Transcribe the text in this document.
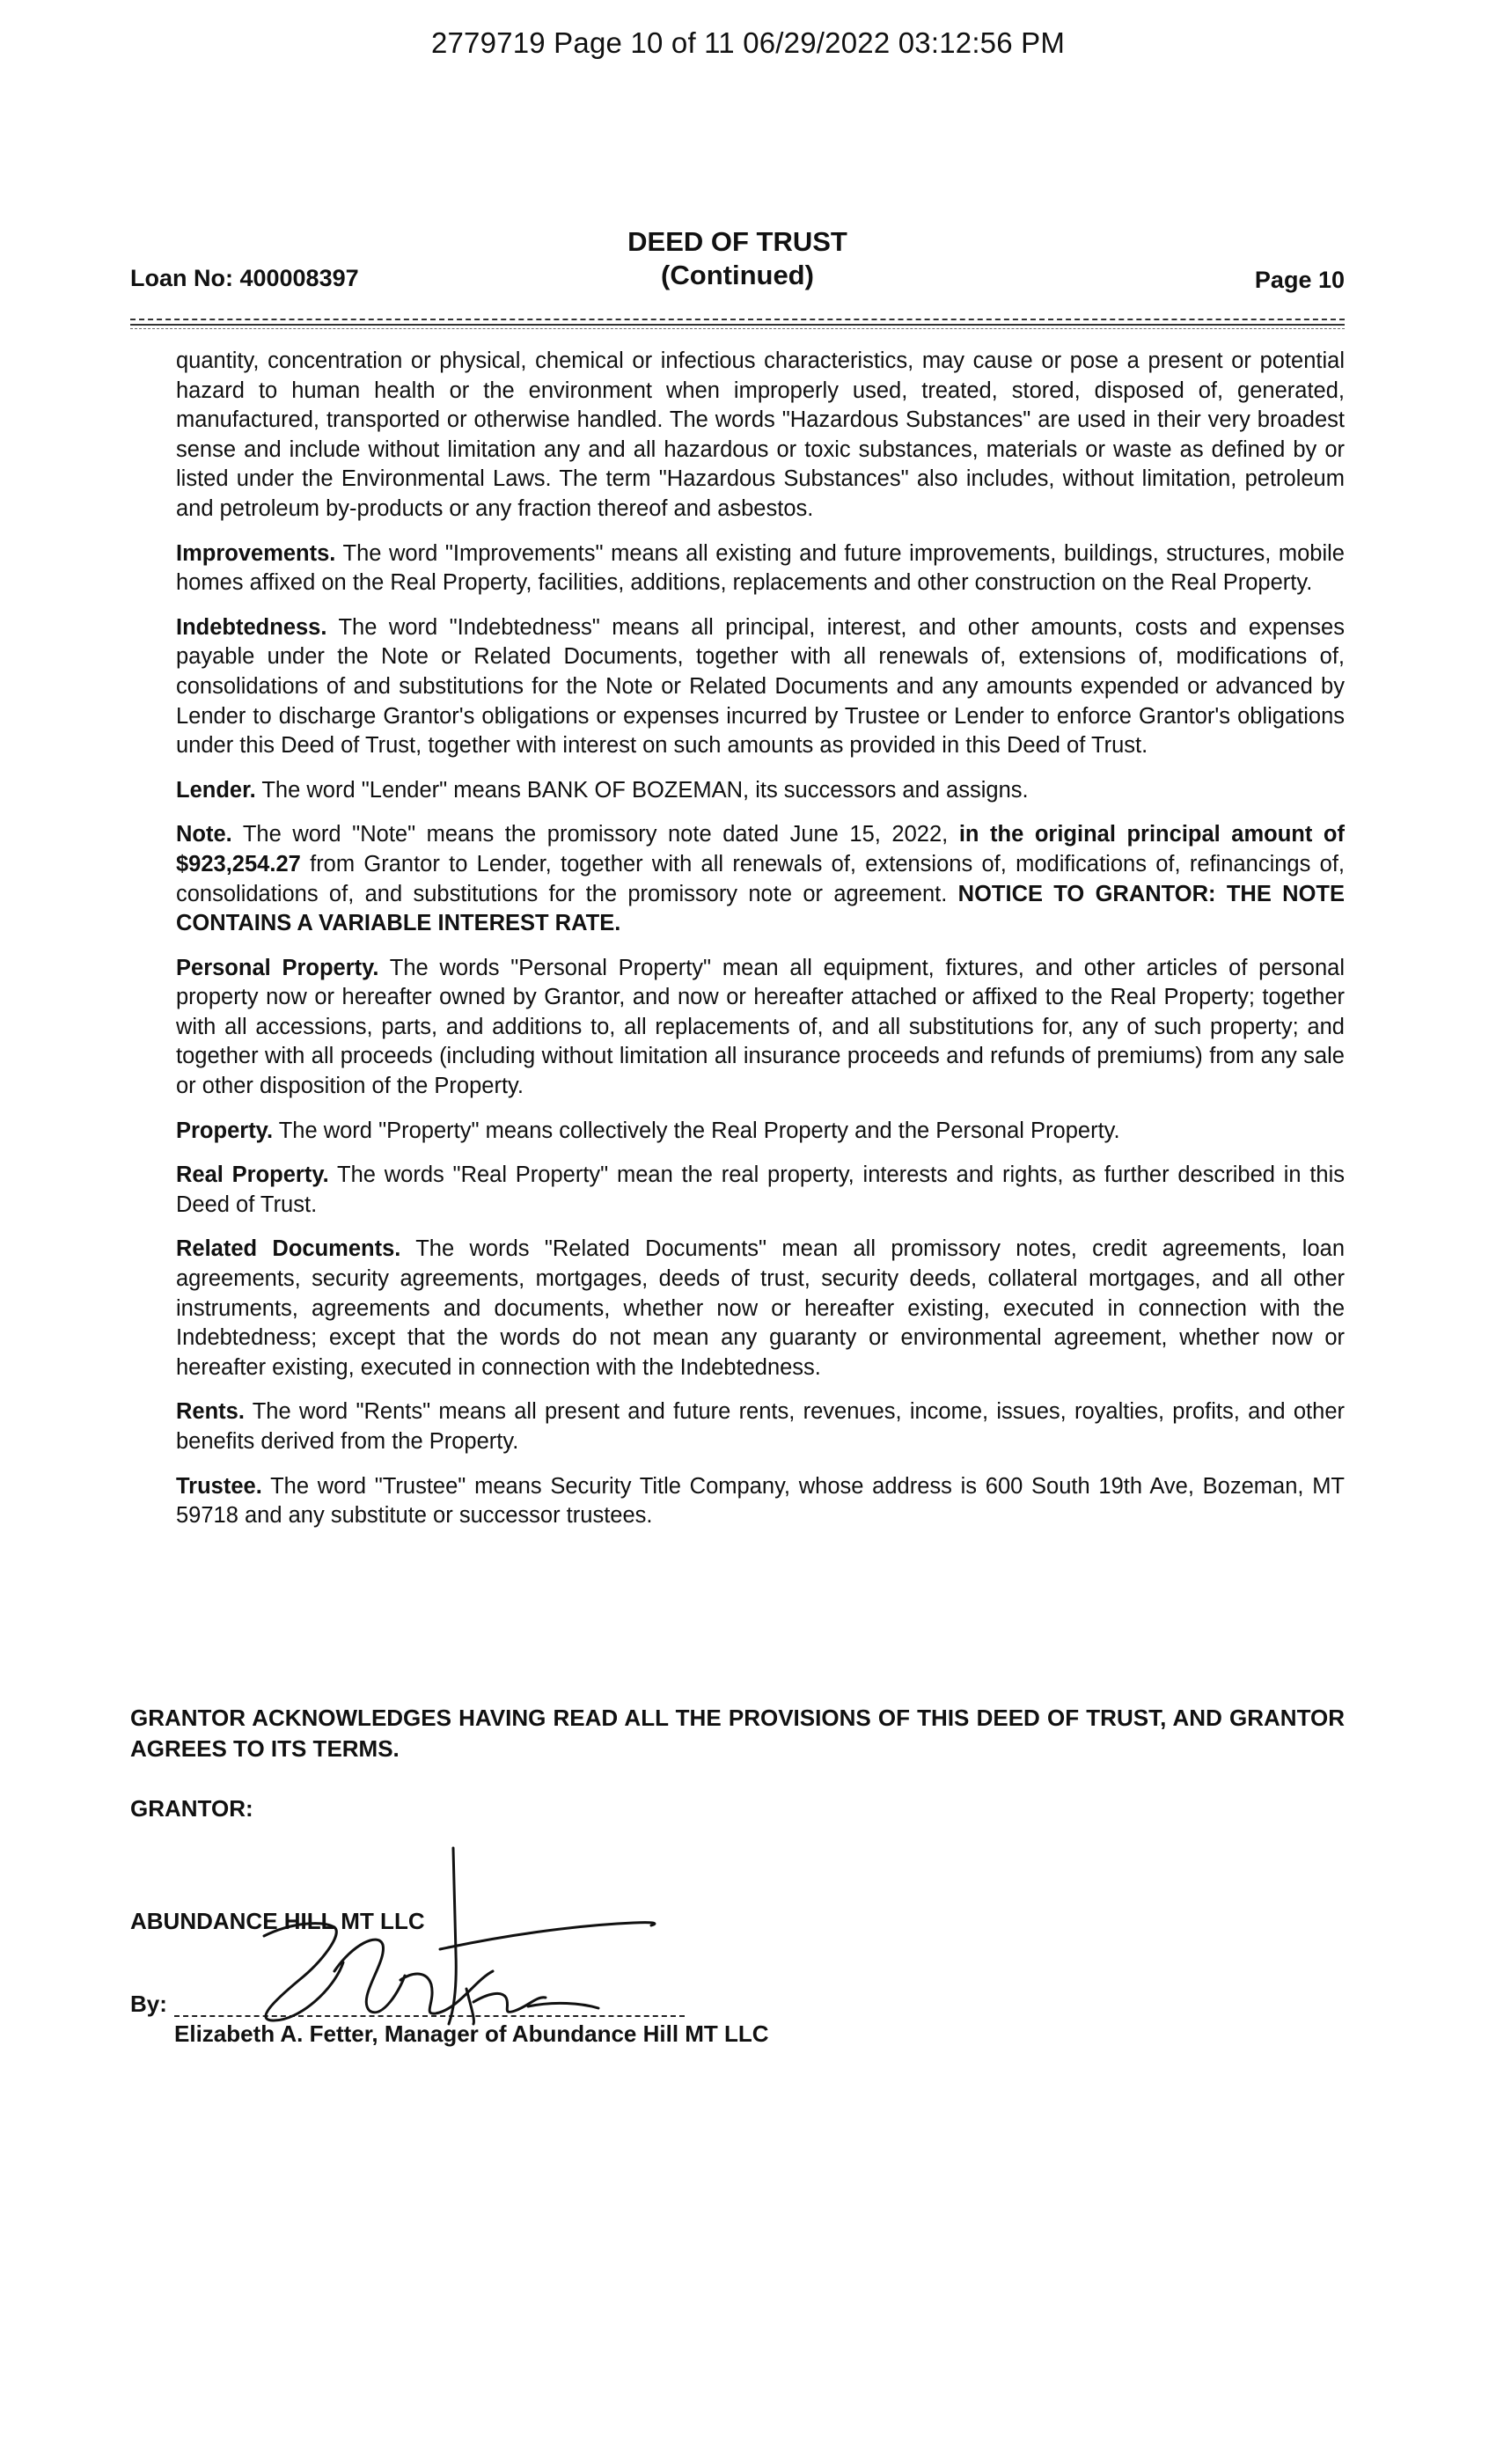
2779719 Page 10 of 11 06/29/2022 03:12:56 PM
DEED OF TRUST
(Continued)
Loan No: 400008397	Page 10

quantity, concentration or physical, chemical or infectious characteristics, may cause or pose a present or potential hazard to human health or the environment when improperly used, treated, stored, disposed of, generated, manufactured, transported or otherwise handled. The words "Hazardous Substances" are used in their very broadest sense and include without limitation any and all hazardous or toxic substances, materials or waste as defined by or listed under the Environmental Laws. The term "Hazardous Substances" also includes, without limitation, petroleum and petroleum by-products or any fraction thereof and asbestos.

Improvements. The word "Improvements" means all existing and future improvements, buildings, structures, mobile homes affixed on the Real Property, facilities, additions, replacements and other construction on the Real Property.

Indebtedness. The word "Indebtedness" means all principal, interest, and other amounts, costs and expenses payable under the Note or Related Documents, together with all renewals of, extensions of, modifications of, consolidations of and substitutions for the Note or Related Documents and any amounts expended or advanced by Lender to discharge Grantor's obligations or expenses incurred by Trustee or Lender to enforce Grantor's obligations under this Deed of Trust, together with interest on such amounts as provided in this Deed of Trust.

Lender. The word "Lender" means BANK OF BOZEMAN, its successors and assigns.

Note. The word "Note" means the promissory note dated June 15, 2022, in the original principal amount of $923,254.27 from Grantor to Lender, together with all renewals of, extensions of, modifications of, refinancings of, consolidations of, and substitutions for the promissory note or agreement. NOTICE TO GRANTOR: THE NOTE CONTAINS A VARIABLE INTEREST RATE.

Personal Property. The words "Personal Property" mean all equipment, fixtures, and other articles of personal property now or hereafter owned by Grantor, and now or hereafter attached or affixed to the Real Property; together with all accessions, parts, and additions to, all replacements of, and all substitutions for, any of such property; and together with all proceeds (including without limitation all insurance proceeds and refunds of premiums) from any sale or other disposition of the Property.

Property. The word "Property" means collectively the Real Property and the Personal Property.

Real Property. The words "Real Property" mean the real property, interests and rights, as further described in this Deed of Trust.

Related Documents. The words "Related Documents" mean all promissory notes, credit agreements, loan agreements, security agreements, mortgages, deeds of trust, security deeds, collateral mortgages, and all other instruments, agreements and documents, whether now or hereafter existing, executed in connection with the Indebtedness; except that the words do not mean any guaranty or environmental agreement, whether now or hereafter existing, executed in connection with the Indebtedness.

Rents. The word "Rents" means all present and future rents, revenues, income, issues, royalties, profits, and other benefits derived from the Property.

Trustee. The word "Trustee" means Security Title Company, whose address is 600 South 19th Ave, Bozeman, MT 59718 and any substitute or successor trustees.

GRANTOR ACKNOWLEDGES HAVING READ ALL THE PROVISIONS OF THIS DEED OF TRUST, AND GRANTOR AGREES TO ITS TERMS.
GRANTOR:
ABUNDANCE HILL MT LLC
By:
Elizabeth A. Fetter, Manager of Abundance Hill MT LLC
